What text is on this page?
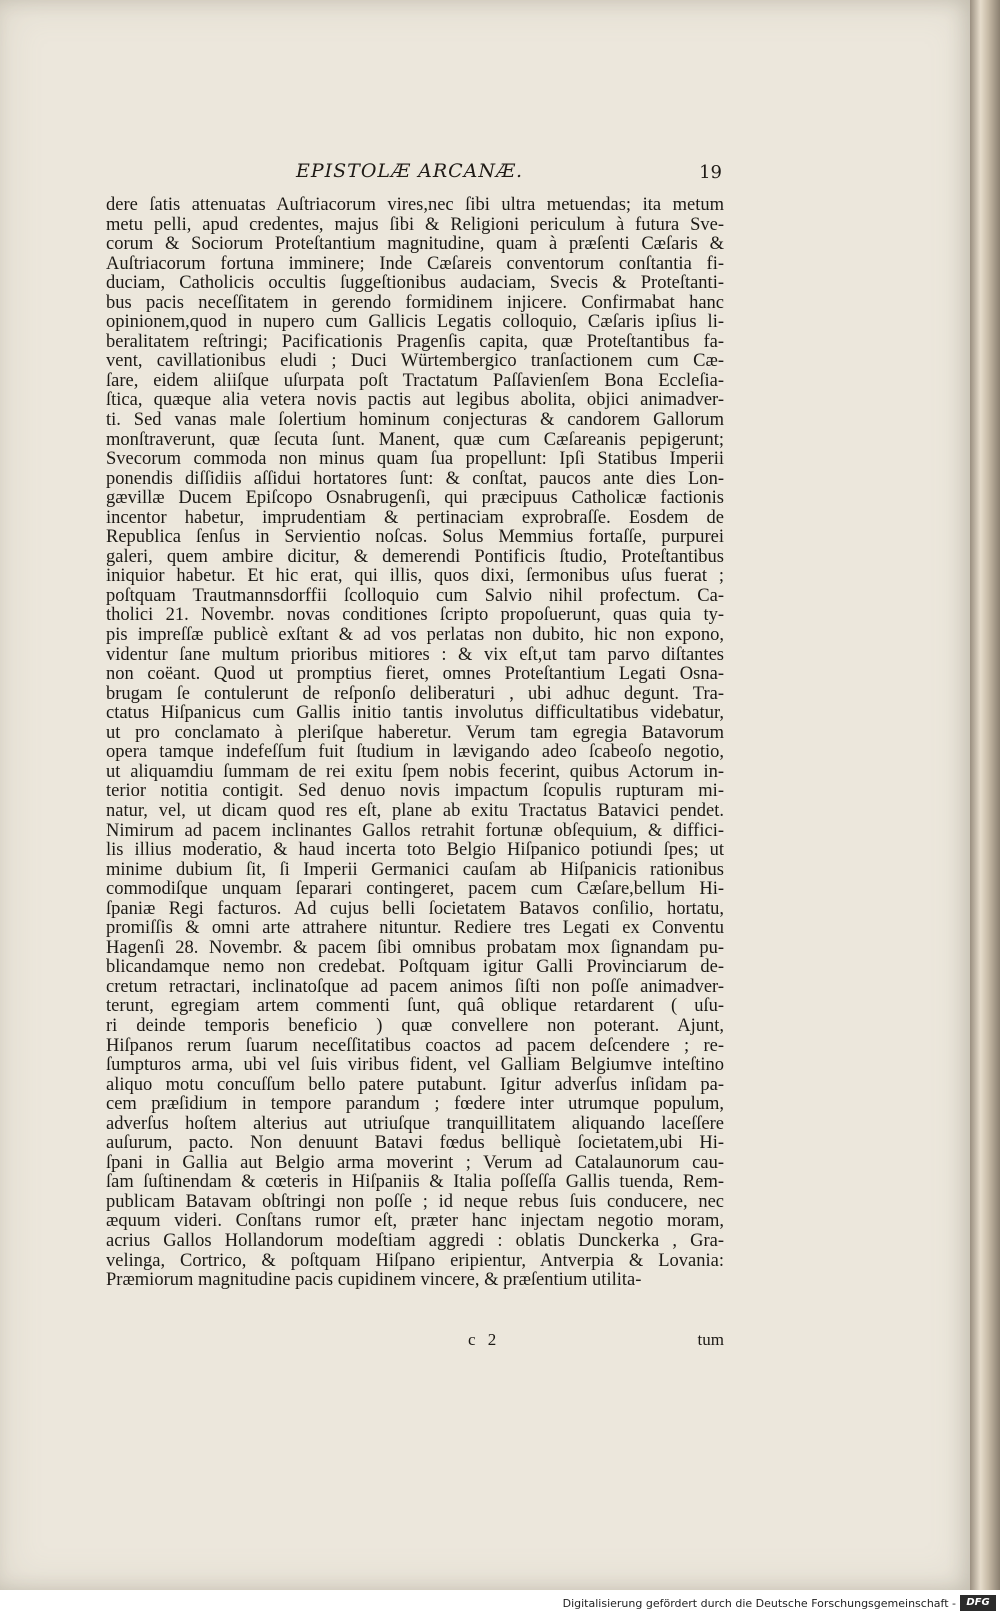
EPISTOLÆ ARCANÆ.	19
dere ſatis attenuatas Auſtriacorum vires,nec ſibi ultra metuendas; ita metum
metu pelli, apud credentes, majus ſibi & Religioni periculum à futura Sve-
corum & Sociorum Proteſtantium magnitudine, quam à præſenti Cæſaris &
Auſtriacorum fortuna imminere; Inde Cæſareis conventorum conſtantia fi-
duciam, Catholicis occultis ſuggeſtionibus audaciam, Svecis & Proteſtanti-
bus pacis neceſſitatem in gerendo formidinem injicere. Confirmabat hanc
opinionem,quod in nupero cum Gallicis Legatis colloquio, Cæſaris ipſius li-
beralitatem reſtringi; Pacificationis Pragenſis capita, quæ Proteſtantibus fa-
vent, cavillationibus eludi ; Duci Würtembergico tranſactionem cum Cæ-
ſare, eidem aliiſque uſurpata poſt Tractatum Paſſavienſem Bona Eccleſia-
ſtica, quæque alia vetera novis pactis aut legibus abolita, objici animadver-
ti. Sed vanas male ſolertium hominum conjecturas & candorem Gallorum
monſtraverunt, quæ ſecuta ſunt. Manent, quæ cum Cæſareanis pepigerunt;
Svecorum commoda non minus quam ſua propellunt: Ipſi Statibus Imperii
ponendis diſſidiis aſſidui hortatores ſunt: & conſtat, paucos ante dies Lon-
gævillæ Ducem Epiſcopo Osnabrugenſi, qui præcipuus Catholicæ factionis
incentor habetur, imprudentiam & pertinaciam exprobraſſe. Eosdem de
Republica ſenſus in Servientio noſcas. Solus Memmius fortaſſe, purpurei
galeri, quem ambire dicitur, & demerendi Pontificis ſtudio, Proteſtantibus
iniquior habetur. Et hic erat, qui illis, quos dixi, ſermonibus uſus fuerat ;
poſtquam Trautmannsdorffii ſcolloquio cum Salvio nihil profectum. Ca-
tholici 21. Novembr. novas conditiones ſcripto propoſuerunt, quas quia ty-
pis impreſſæ publicè exſtant & ad vos perlatas non dubito, hic non expono,
videntur ſane multum prioribus mitiores : & vix eſt,ut tam parvo diſtantes
non coëant. Quod ut promptius fieret, omnes Proteſtantium Legati Osna-
brugam ſe contulerunt de reſponſo deliberaturi , ubi adhuc degunt. Tra-
ctatus Hiſpanicus cum Gallis initio tantis involutus difficultatibus videbatur,
ut pro conclamato à pleriſque haberetur. Verum tam egregia Batavorum
opera tamque indefeſſum fuit ſtudium in lævigando adeo ſcabeoſo negotio,
ut aliquamdiu ſummam de rei exitu ſpem nobis fecerint, quibus Actorum in-
terior notitia contigit. Sed denuo novis impactum ſcopulis rupturam mi-
natur, vel, ut dicam quod res eſt, plane ab exitu Tractatus Batavici pendet.
Nimirum ad pacem inclinantes Gallos retrahit fortunæ obſequium, & diffici-
lis illius moderatio, & haud incerta toto Belgio Hiſpanico potiundi ſpes; ut
minime dubium ſit, ſi Imperii Germanici cauſam ab Hiſpanicis rationibus
commodiſque unquam ſeparari contingeret, pacem cum Cæſare,bellum Hi-
ſpaniæ Regi facturos. Ad cujus belli ſocietatem Batavos conſilio, hortatu,
promiſſis & omni arte attrahere nituntur. Rediere tres Legati ex Conventu
Hagenſi 28. Novembr. & pacem ſibi omnibus probatam mox ſignandam pu-
blicandamque nemo non credebat. Poſtquam igitur Galli Provinciarum de-
cretum retractari, inclinatoſque ad pacem animos ſiſti non poſſe animadver-
terunt, egregiam artem commenti ſunt, quâ oblique retardarent ( uſu-
ri deinde temporis beneficio ) quæ convellere non poterant. Ajunt,
Hiſpanos rerum ſuarum neceſſitatibus coactos ad pacem deſcendere ; re-
ſumpturos arma, ubi vel ſuis viribus fident, vel Galliam Belgiumve inteſtino
aliquo motu concuſſum bello patere putabunt. Igitur adverſus inſidam pa-
cem præſidium in tempore parandum ; fœdere inter utrumque populum,
adverſus hoſtem alterius aut utriuſque tranquillitatem aliquando laceſſere
auſurum, pacto. Non denuunt Batavi fœdus belliquè ſocietatem,ubi Hi-
ſpani in Gallia aut Belgio arma moverint ; Verum ad Catalaunorum cau-
ſam ſuſtinendam & cœteris in Hiſpaniis & Italia poſſeſſa Gallis tuenda, Rem-
publicam Batavam obſtringi non poſſe ; id neque rebus ſuis conducere, nec
æquum videri. Conſtans rumor eſt, præter hanc injectam negotio moram,
acrius Gallos Hollandorum modeſtiam aggredi : oblatis Dunckerka , Gra-
velinga, Cortrico, & poſtquam Hiſpano eripientur, Antverpia & Lovania:
Præmiorum magnitudine pacis cupidinem vincere, & præſentium utilita-
c 2	tum
Digitalisierung gefördert durch die Deutsche Forschungsgemeinschaft -	DFG
